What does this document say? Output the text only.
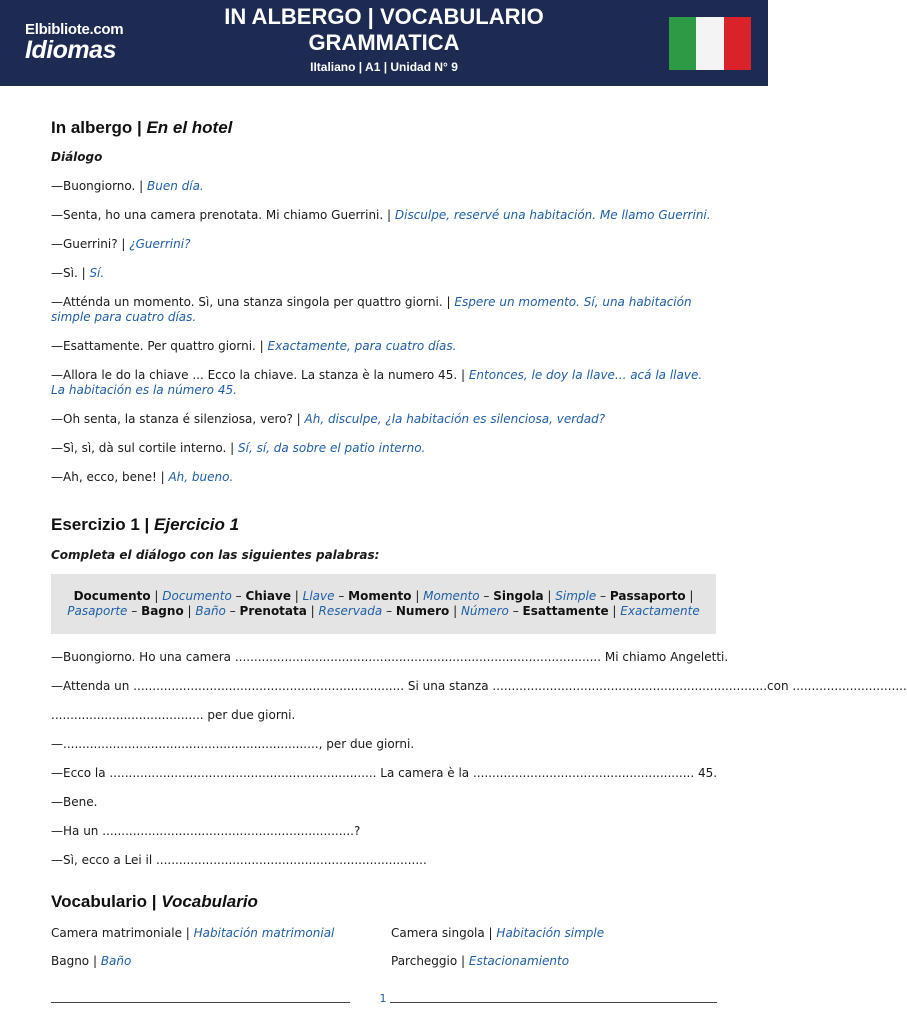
Elbibliote.com
Idiomas
IN ALBERGO | VOCABULARIO
GRAMMATICA
IItaliano | A1 | Unidad N° 9
In albergo | En el hotel
Diálogo
—Buongiorno. | Buen día.
—Senta, ho una camera prenotata. Mi chiamo Guerrini. | Disculpe, reservé una habitación. Me llamo Guerrini.
—Guerrini? | ¿Guerrini?
—Sì. | Sí.
—Atténda un momento. Sì, una stanza singola per quattro giorni. | Espere un momento. Sí, una habitación simple para cuatro días.
—Esattamente. Per quattro giorni. | Exactamente, para cuatro días.
—Allora le do la chiave ... Ecco la chiave. La stanza è la numero 45. | Entonces, le doy la llave... acá la llave. La habitación es la número 45.
—Oh senta, la stanza é silenziosa, vero? | Ah, disculpe, ¿la habitación es silenciosa, verdad?
—Sì, sì, dà sul cortile interno. | Sí, sí, da sobre el patio interno.
—Ah, ecco, bene! | Ah, bueno.
Esercizio 1 | Ejercicio 1
Completa el diálogo con las siguientes palabras:
Documento | Documento – Chiave | Llave – Momento | Momento – Singola | Simple – Passaporto | Pasaporte – Bagno | Baño – Prenotata | Reservada – Numero | Número – Esattamente | Exactamente
—Buongiorno. Ho una camera ................................................................................................ Mi chiamo Angeletti.
—Attenda un ....................................................................... Si una stanza ........................................................................con ..............................
........................................ per due giorni.
—..................................................................., per due giorni.
—Ecco la ...................................................................... La camera è la .......................................................... 45.
—Bene.
—Ha un ..................................................................?
—Sì, ecco a Lei il .......................................................................
Vocabulario | Vocabulario
Camera matrimoniale | Habitación matrimonial	Camera singola | Habitación simple
Bagno | Baño	Parcheggio | Estacionamiento
1
